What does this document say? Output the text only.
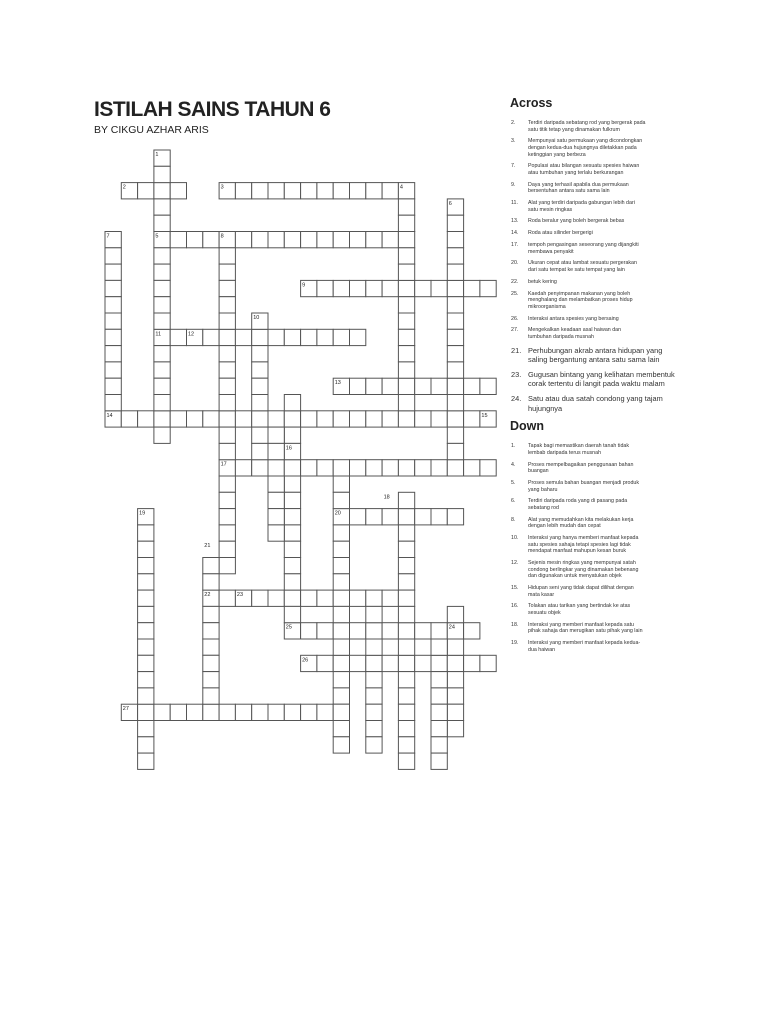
ISTILAH SAINS TAHUN 6
BY CIKGU AZHAR ARIS
1
2	3	4
5
6
7	8
9
10
11	12
13
14	15
16
17
18
19	20
21
22	23
24
25
26
27
Across
2.	Terdiri daripada sebatang rod yang bergerak pada satu titik tetap yang dinamakan fulkrum
3.	Mempunyai satu permukaan yang dicondongkan dengan kedua-dua hujungnya diletakkan pada ketinggian yang berbeza
7.	Populasi atau bilangan sesuatu spesies haiwan atau tumbuhan yang terlalu berkurangan
9.	Daya yang terhasil apabila dua permukaan bersentuhan antara satu sama lain
11.	Alat yang terdiri daripada gabungan lebih dari satu mesin ringkas
13.	Roda beralur yang boleh bergerak bebas
14.	Roda atau silinder bergerigi
17.	tempoh pengasingan seseorang yang dijangkiti membawa penyakit
20.	Ukuran cepat atau lambat sesuatu pergerakan dari satu tempat ke satu tempat yang lain
22.	betuk kering
25.	Kaedah penyimpanan makanan yang boleh menghalang dan melambatkan proses hidup mikroorganisma
26.	Interaksi antara spesies yang bersaing
27.	Mengekalkan keadaan asal haiwan dan tumbuhan daripada musnah
21. Perhubungan akrab antara hidupan yang saling bergantung antara satu sama lain
23. Gugusan bintang yang kelihatan membentuk corak tertentu di langit pada waktu malam
24. Satu atau dua satah condong yang tajam hujungnya
Down
1.	Tapak bagi memastikan daerah tanah tidak lembab daripada terus musnah
4.	Proses mempelbagaikan penggunaan bahan buangan
5.	Proses semula bahan buangan menjadi produk yang baharu
6.	Terdiri daripada roda yang di pasang pada sebatang rod
8.	Alat yang memudahkan kita melakukan kerja dengan lebih mudah dan cepat
10.	Interaksi yang hanya memberi manfaat kepada satu spesies sahaja tetapi spesies lagi tidak mendapat manfaat mahupun kesan buruk
12.	Sejenis mesin ringkas yang mempunyai satah condong berlingkar yang dinamakan bebenang dan digunakan untuk menyatukan objek
15.	Hidupan seni yang tidak dapat dilihat dengan mata kasar
16.	Tolakan atau tarikan yang bertindak ke atas sesuatu objek
18.	Interaksi yang memberi manfaat kepada satu pihak sahaja dan merugikan satu pihak yang lain
19.	Interaksi yang memberi manfaat kepada kedua-dua haiwan
